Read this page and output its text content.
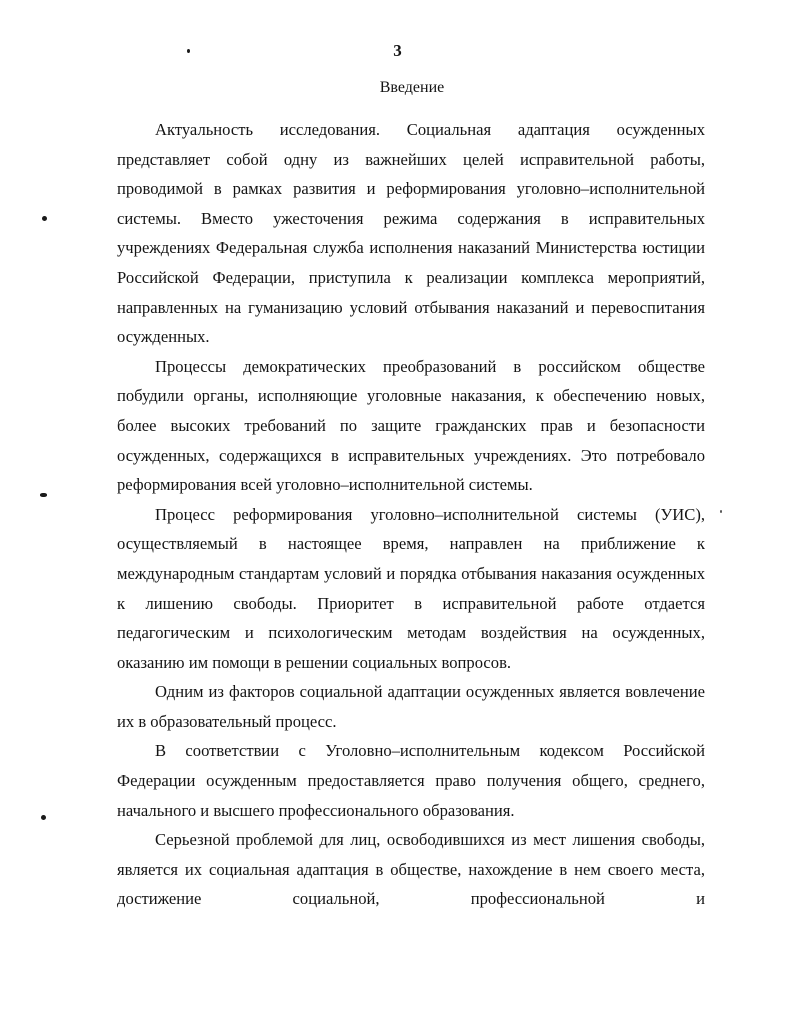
3
Введение

Актуальность исследования. Социальная адаптация осужденных представляет собой одну из важнейших целей исправительной работы, проводимой в рамках развития и реформирования уголовно–исполнительной системы. Вместо ужесточения режима содержания в исправительных учреждениях Федеральная служба исполнения наказаний Министерства юстиции Российской Федерации, приступила к реализации комплекса мероприятий, направленных на гуманизацию условий отбывания наказаний и перевоспитания осужденных.

Процессы демократических преобразований в российском обществе побудили органы, исполняющие уголовные наказания, к обеспечению новых, более высоких требований по защите гражданских прав и безопасности осужденных, содержащихся в исправительных учреждениях. Это потребовало реформирования всей уголовно–исполнительной системы.

Процесс реформирования уголовно–исполнительной системы (УИС), осуществляемый в настоящее время, направлен на приближение к международным стандартам условий и порядка отбывания наказания осужденных к лишению свободы. Приоритет в исправительной работе отдается педагогическим и психологическим методам воздействия на осужденных, оказанию им помощи в решении социальных вопросов.

Одним из факторов социальной адаптации осужденных является вовлечение их в образовательный процесс.

В соответствии с Уголовно–исполнительным кодексом Российской Федерации осужденным предоставляется право получения общего, среднего, начального и высшего профессионального образования.

Серьезной проблемой для лиц, освободившихся из мест лишения свободы, является их социальная адаптация в обществе, нахождение в нем своего места, достижение социальной, профессиональной и
